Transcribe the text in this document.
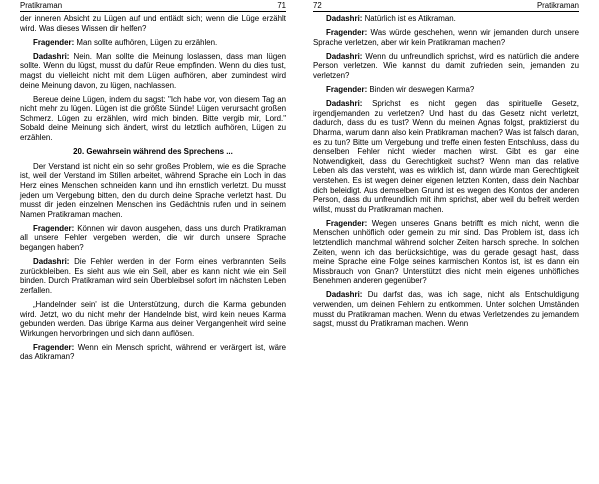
Pratikraman	71

der inneren Absicht zu Lügen auf und entlädt sich; wenn die Lüge erzählt wird. Was dieses Wissen dir helfen?

Fragender: Man sollte aufhören, Lügen zu erzählen.

Dadashri: Nein. Man sollte die Meinung loslassen, dass man lügen sollte. Wenn du lügst, musst du dafür Reue empfinden. Wenn du dies tust, magst du vielleicht nicht mit dem Lügen aufhören, aber zumindest wird deine Meinung davon, zu lügen, nachlassen.

Bereue deine Lügen, indem du sagst: "Ich habe vor, von diesem Tag an nicht mehr zu lügen. Lügen ist die größte Sünde! Lügen verursacht großen Schmerz. Lügen zu erzählen, wird mich binden. Bitte vergib mir, Lord." Sobald deine Meinung sich ändert, wirst du letztlich aufhören, Lügen zu erzählen.

20. Gewahrsein während des Sprechens ...

Der Verstand ist nicht ein so sehr großes Problem, wie es die Sprache ist, weil der Verstand im Stillen arbeitet, während Sprache ein Loch in das Herz eines Menschen schneiden kann und ihn ernstlich verletzt. Du musst jeden um Vergebung bitten, den du durch deine Sprache verletzt hast. Du musst dir jeden einzelnen Menschen ins Gedächtnis rufen und in seinem Namen Pratikraman machen.

Fragender: Können wir davon ausgehen, dass uns durch Pratikraman all unsere Fehler vergeben werden, die wir durch unsere Sprache begangen haben?

Dadashri: Die Fehler werden in der Form eines verbrannten Seils zurückbleiben. Es sieht aus wie ein Seil, aber es kann nicht wie ein Seil binden. Durch Pratikraman wird sein Überbleibsel sofort im nächsten Leben zerfallen.

„Handelnder sein' ist die Unterstützung, durch die Karma gebunden wird. Jetzt, wo du nicht mehr der Handelnde bist, wird kein neues Karma gebunden werden. Das übrige Karma aus deiner Vergangenheit wird seine Wirkungen hervorbringen und sich dann auflösen.

Fragender: Wenn ein Mensch spricht, während er verärgert ist, wäre das Atikraman?

72	Pratikraman

Dadashri: Natürlich ist es Atikraman.

Fragender: Was würde geschehen, wenn wir jemanden durch unsere Sprache verletzen, aber wir kein Pratikraman machen?

Dadashri: Wenn du unfreundlich sprichst, wird es natürlich die andere Person verletzen. Wie kannst du damit zufrieden sein, jemanden zu verletzen?

Fragender: Binden wir deswegen Karma?

Dadashri: Sprichst es nicht gegen das spirituelle Gesetz, irgendjemanden zu verletzen? Und hast du das Gesetz nicht verletzt, dadurch, dass du es tust? Wenn du meinen Agnas folgst, praktizierst du Dharma, warum dann also kein Pratikraman machen? Was ist falsch daran, es zu tun? Bitte um Vergebung und treffe einen festen Entschluss, dass du denselben Fehler nicht wieder machen wirst. Gibt es gar eine Notwendigkeit, dass du Gerechtigkeit suchst? Wenn man das relative Leben als das versteht, was es wirklich ist, dann würde man Gerechtigkeit verstehen. Es ist wegen deiner eigenen letzten Konten, dass dein Nachbar dich beleidigt. Aus demselben Grund ist es wegen des Kontos der anderen Person, dass du unfreundlich mit ihm sprichst, aber weil du befreit werden willst, musst du Pratikraman machen.

Fragender: Wegen unseres Gnans betrifft es mich nicht, wenn die Menschen unhöflich oder gemein zu mir sind. Das Problem ist, dass ich letztendlich manchmal während solcher Zeiten harsch spreche. In solchen Zeiten, wenn ich das berücksichtige, was du gerade gesagt hast, dass meine Sprache eine Folge seines karmischen Kontos ist, ist es dann ein Missbrauch von Gnan? Unterstützt dies nicht mein eigenes unhöfliches Benehmen anderen gegenüber?

Dadashri: Du darfst das, was ich sage, nicht als Entschuldigung verwenden, um deinen Fehlern zu entkommen. Unter solchen Umständen musst du Pratikraman machen. Wenn du etwas Verletzendes zu jemandem sagst, musst du Pratikraman machen. Wenn
